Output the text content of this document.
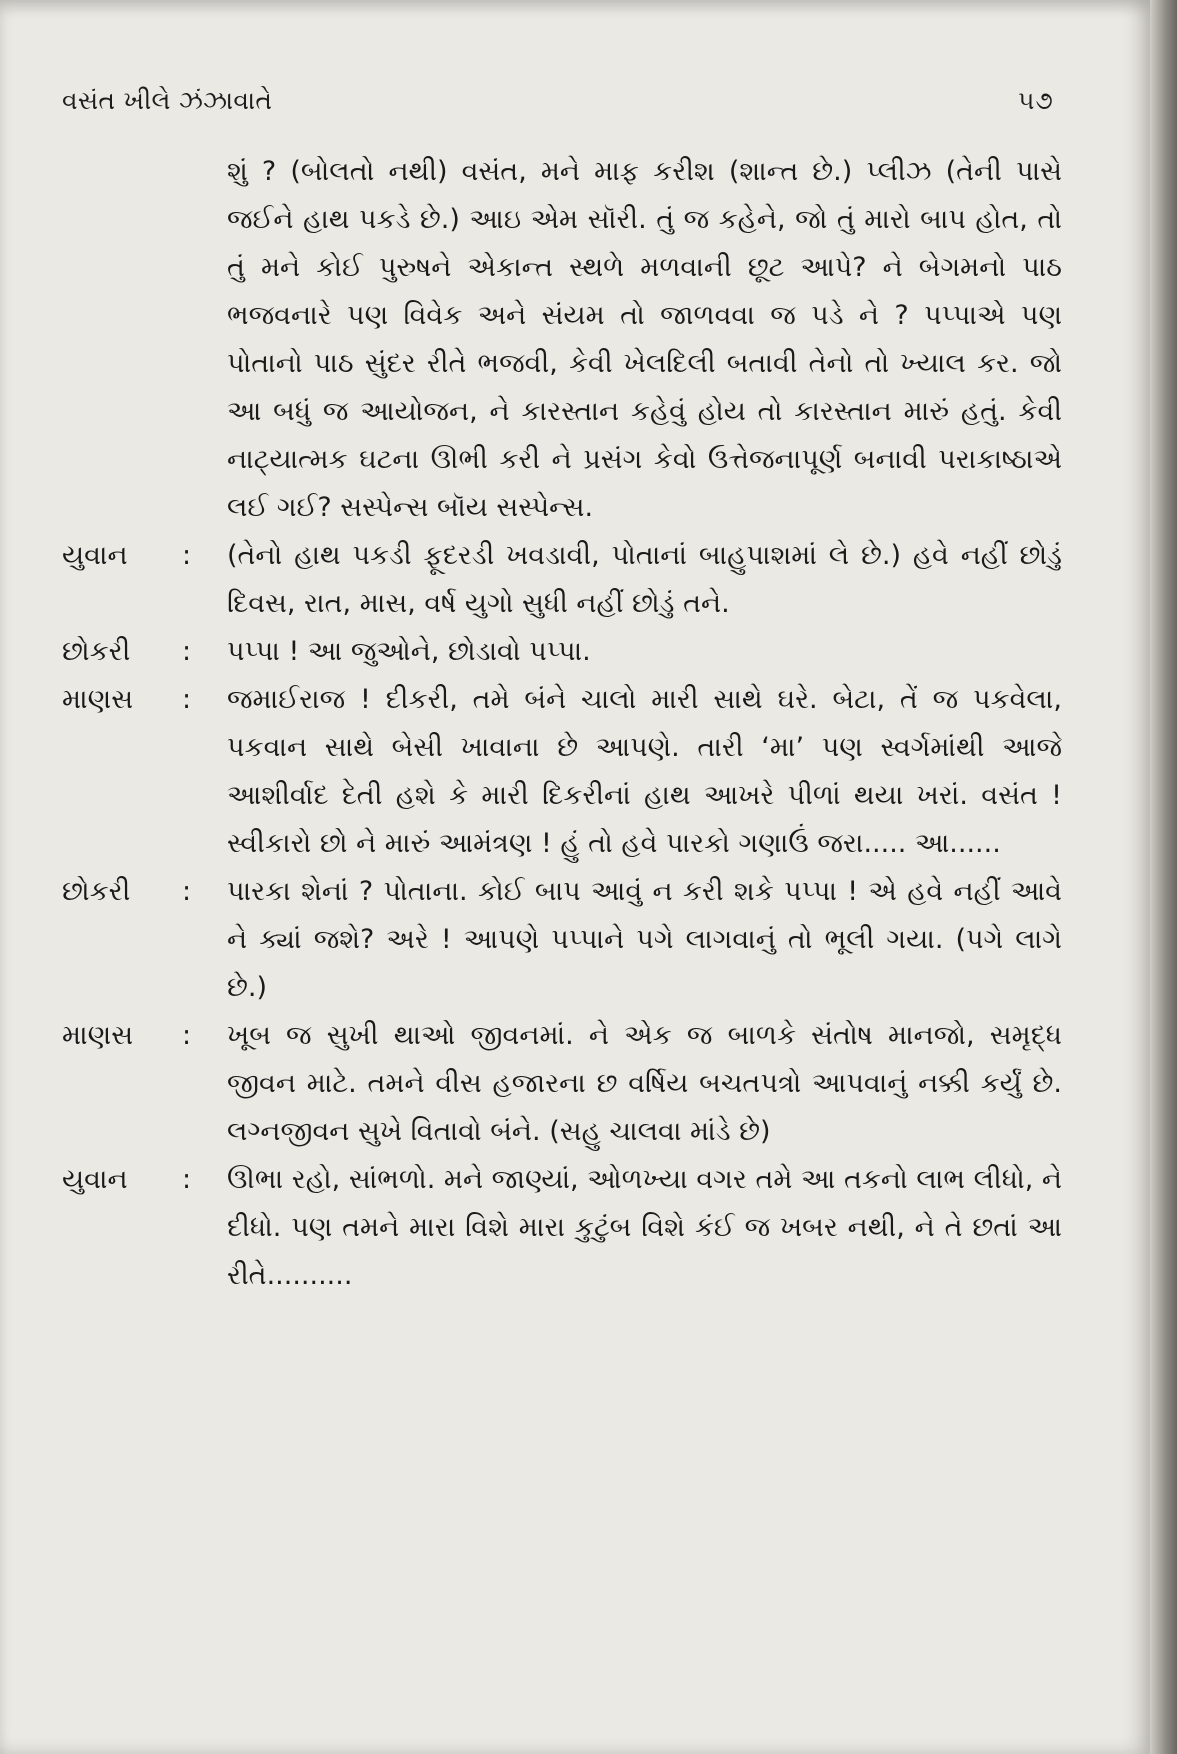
વસંત ખીલે ઝંઝાવાતે	૫૭

શું ? (બોલતો નથી) વસંત, મને માફ કરીશ (શાન્ત છે.) પ્લીઝ (તેની પાસે જઈને હાથ પકડે છે.) આઇ એમ સૉરી. તું જ કહેને, જો તું મારો બાપ હોત, તો તું મને કોઈ પુરુષને એકાન્ત સ્થળે મળવાની છૂટ આપે? ને બેગમનો પાઠ ભજવનારે પણ વિવેક અને સંયમ તો જાળવવા જ પડે ને ? પપ્પાએ પણ પોતાનો પાઠ સુંદર રીતે ભજવી, કેવી ખેલદિલી બતાવી તેનો તો ખ્યાલ કર. જો આ બધું જ આયોજન, ને કારસ્તાન કહેવું હોય તો કારસ્તાન મારું હતું. કેવી નાટ્યાત્મક ઘટના ઊભી કરી ને પ્રસંગ કેવો ઉત્તેજનાપૂર્ણ બનાવી પરાકાષ્ઠાએ લઈ ગઈ? સસ્પેન્સ બૉય સસ્પેન્સ.

યુવાન	:	(તેનો હાથ પકડી ફૂદરડી ખવડાવી, પોતાનાં બાહુપાશમાં લે છે.) હવે નહીં છોડું દિવસ, રાત, માસ, વર્ષ યુગો સુધી નહીં છોડું તને.
છોકરી	:	પપ્પા ! આ જુઓને, છોડાવો પપ્પા.
માણસ	:	જમાઈરાજ ! દીકરી, તમે બંને ચાલો મારી સાથે ઘરે. બેટા, તેં જ પકવેલા, પકવાન સાથે બેસી ખાવાના છે આપણે. તારી ‘મા’ પણ સ્વર્ગમાંથી આજે આશીર્વાદ દેતી હશે કે મારી દિકરીનાં હાથ આખરે પીળાં થયા ખરાં. વસંત ! સ્વીકારો છો ને મારું આમંત્રણ ! હું તો હવે પારકો ગણાઉં જરા..... આ......
છોકરી	:	પારકા શેનાં ? પોતાના. કોઈ બાપ આવું ન કરી શકે પપ્પા ! એ હવે નહીં આવે ને ક્યાં જશે? અરે ! આપણે પપ્પાને પગે લાગવાનું તો ભૂલી ગયા. (પગે લાગે છે.)
માણસ	:	ખૂબ જ સુખી થાઓ જીવનમાં. ને એક જ બાળકે સંતોષ માનજો, સમૃદ્ધ જીવન માટે. તમને વીસ હજારના છ વર્ષિય બચતપત્રો આપવાનું નક્કી કર્યું છે. લગ્નજીવન સુખે વિતાવો બંને. (સહુ ચાલવા માંડે છે)
યુવાન	:	ઊભા રહો, સાંભળો. મને જાણ્યાં, ઓળખ્યા વગર તમે આ તકનો લાભ લીધો, ને દીધો. પણ તમને મારા વિશે મારા કુટુંબ વિશે કંઈ જ ખબર નથી, ને તે છતાં આ રીતે..........
